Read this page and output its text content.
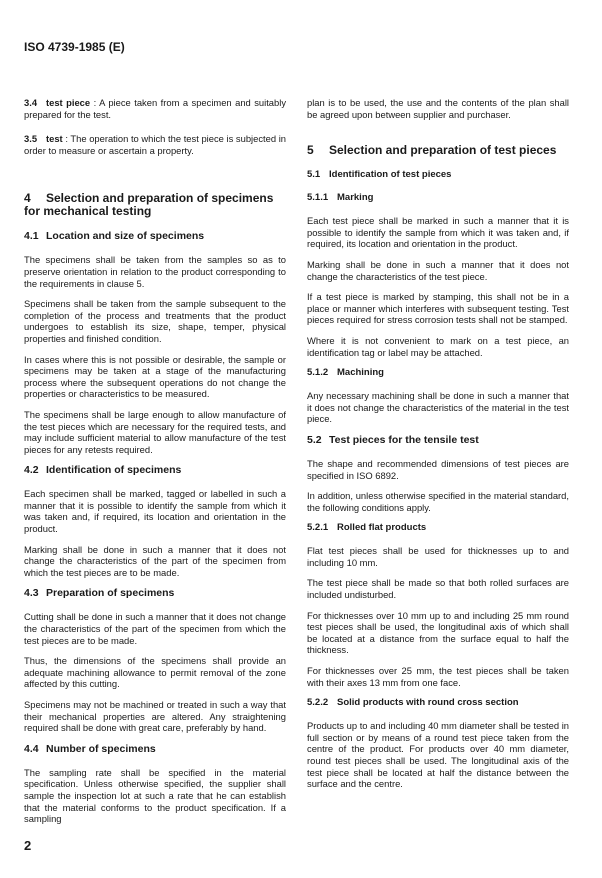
ISO 4739-1985 (E)

3.4 test piece : A piece taken from a specimen and suitably prepared for the test.

3.5 test : The operation to which the test piece is subjected in order to measure or ascertain a property.

4 Selection and preparation of specimens for mechanical testing
4.1 Location and size of specimens

The specimens shall be taken from the samples so as to preserve orientation in relation to the product corresponding to the requirements in clause 5.

Specimens shall be taken from the sample subsequent to the completion of the process and treatments that the product undergoes to establish its size, shape, temper, physical properties and finished condition.

In cases where this is not possible or desirable, the sample or specimens may be taken at a stage of the manufacturing process where the subsequent operations do not change the properties or characteristics to be measured.

The specimens shall be large enough to allow manufacture of the test pieces which are necessary for the required tests, and may include sufficient material to allow manufacture of the test pieces for any retests required.

4.2 Identification of specimens

Each specimen shall be marked, tagged or labelled in such a manner that it is possible to identify the sample from which it was taken and, if required, its location and orientation in the product.

Marking shall be done in such a manner that it does not change the characteristics of the part of the specimen from which the test pieces are to be made.

4.3 Preparation of specimens

Cutting shall be done in such a manner that it does not change the characteristics of the part of the specimen from which the test pieces are to be made.

Thus, the dimensions of the specimens shall provide an adequate machining allowance to permit removal of the zone affected by this cutting.

Specimens may not be machined or treated in such a way that their mechanical properties are altered. Any straightening required shall be done with great care, preferably by hand.

4.4 Number of specimens

The sampling rate shall be specified in the material specification. Unless otherwise specified, the supplier shall sample the inspection lot at such a rate that he can establish that the material conforms to the product specification. If a sampling

plan is to be used, the use and the contents of the plan shall be agreed upon between supplier and purchaser.

5 Selection and preparation of test pieces
5.1 Identification of test pieces
5.1.1 Marking

Each test piece shall be marked in such a manner that it is possible to identify the sample from which it was taken and, if required, its location and orientation in the product.

Marking shall be done in such a manner that it does not change the characteristics of the test piece.

If a test piece is marked by stamping, this shall not be in a place or manner which interferes with subsequent testing. Test pieces required for stress corrosion tests shall not be stamped.

Where it is not convenient to mark on a test piece, an identification tag or label may be attached.

5.1.2 Machining

Any necessary machining shall be done in such a manner that it does not change the characteristics of the material in the test piece.

5.2 Test pieces for the tensile test

The shape and recommended dimensions of test pieces are specified in ISO 6892.

In addition, unless otherwise specified in the material standard, the following conditions apply.

5.2.1 Rolled flat products

Flat test pieces shall be used for thicknesses up to and including 10 mm.

The test piece shall be made so that both rolled surfaces are included undisturbed.

For thicknesses over 10 mm up to and including 25 mm round test pieces shall be used, the longitudinal axis of which shall be located at a distance from the surface equal to half the thickness.

For thicknesses over 25 mm, the test pieces shall be taken with their axes 13 mm from one face.

5.2.2 Solid products with round cross section

Products up to and including 40 mm diameter shall be tested in full section or by means of a round test piece taken from the centre of the product. For products over 40 mm diameter, round test pieces shall be used. The longitudinal axis of the test piece shall be located at half the distance between the surface and the centre.

2
